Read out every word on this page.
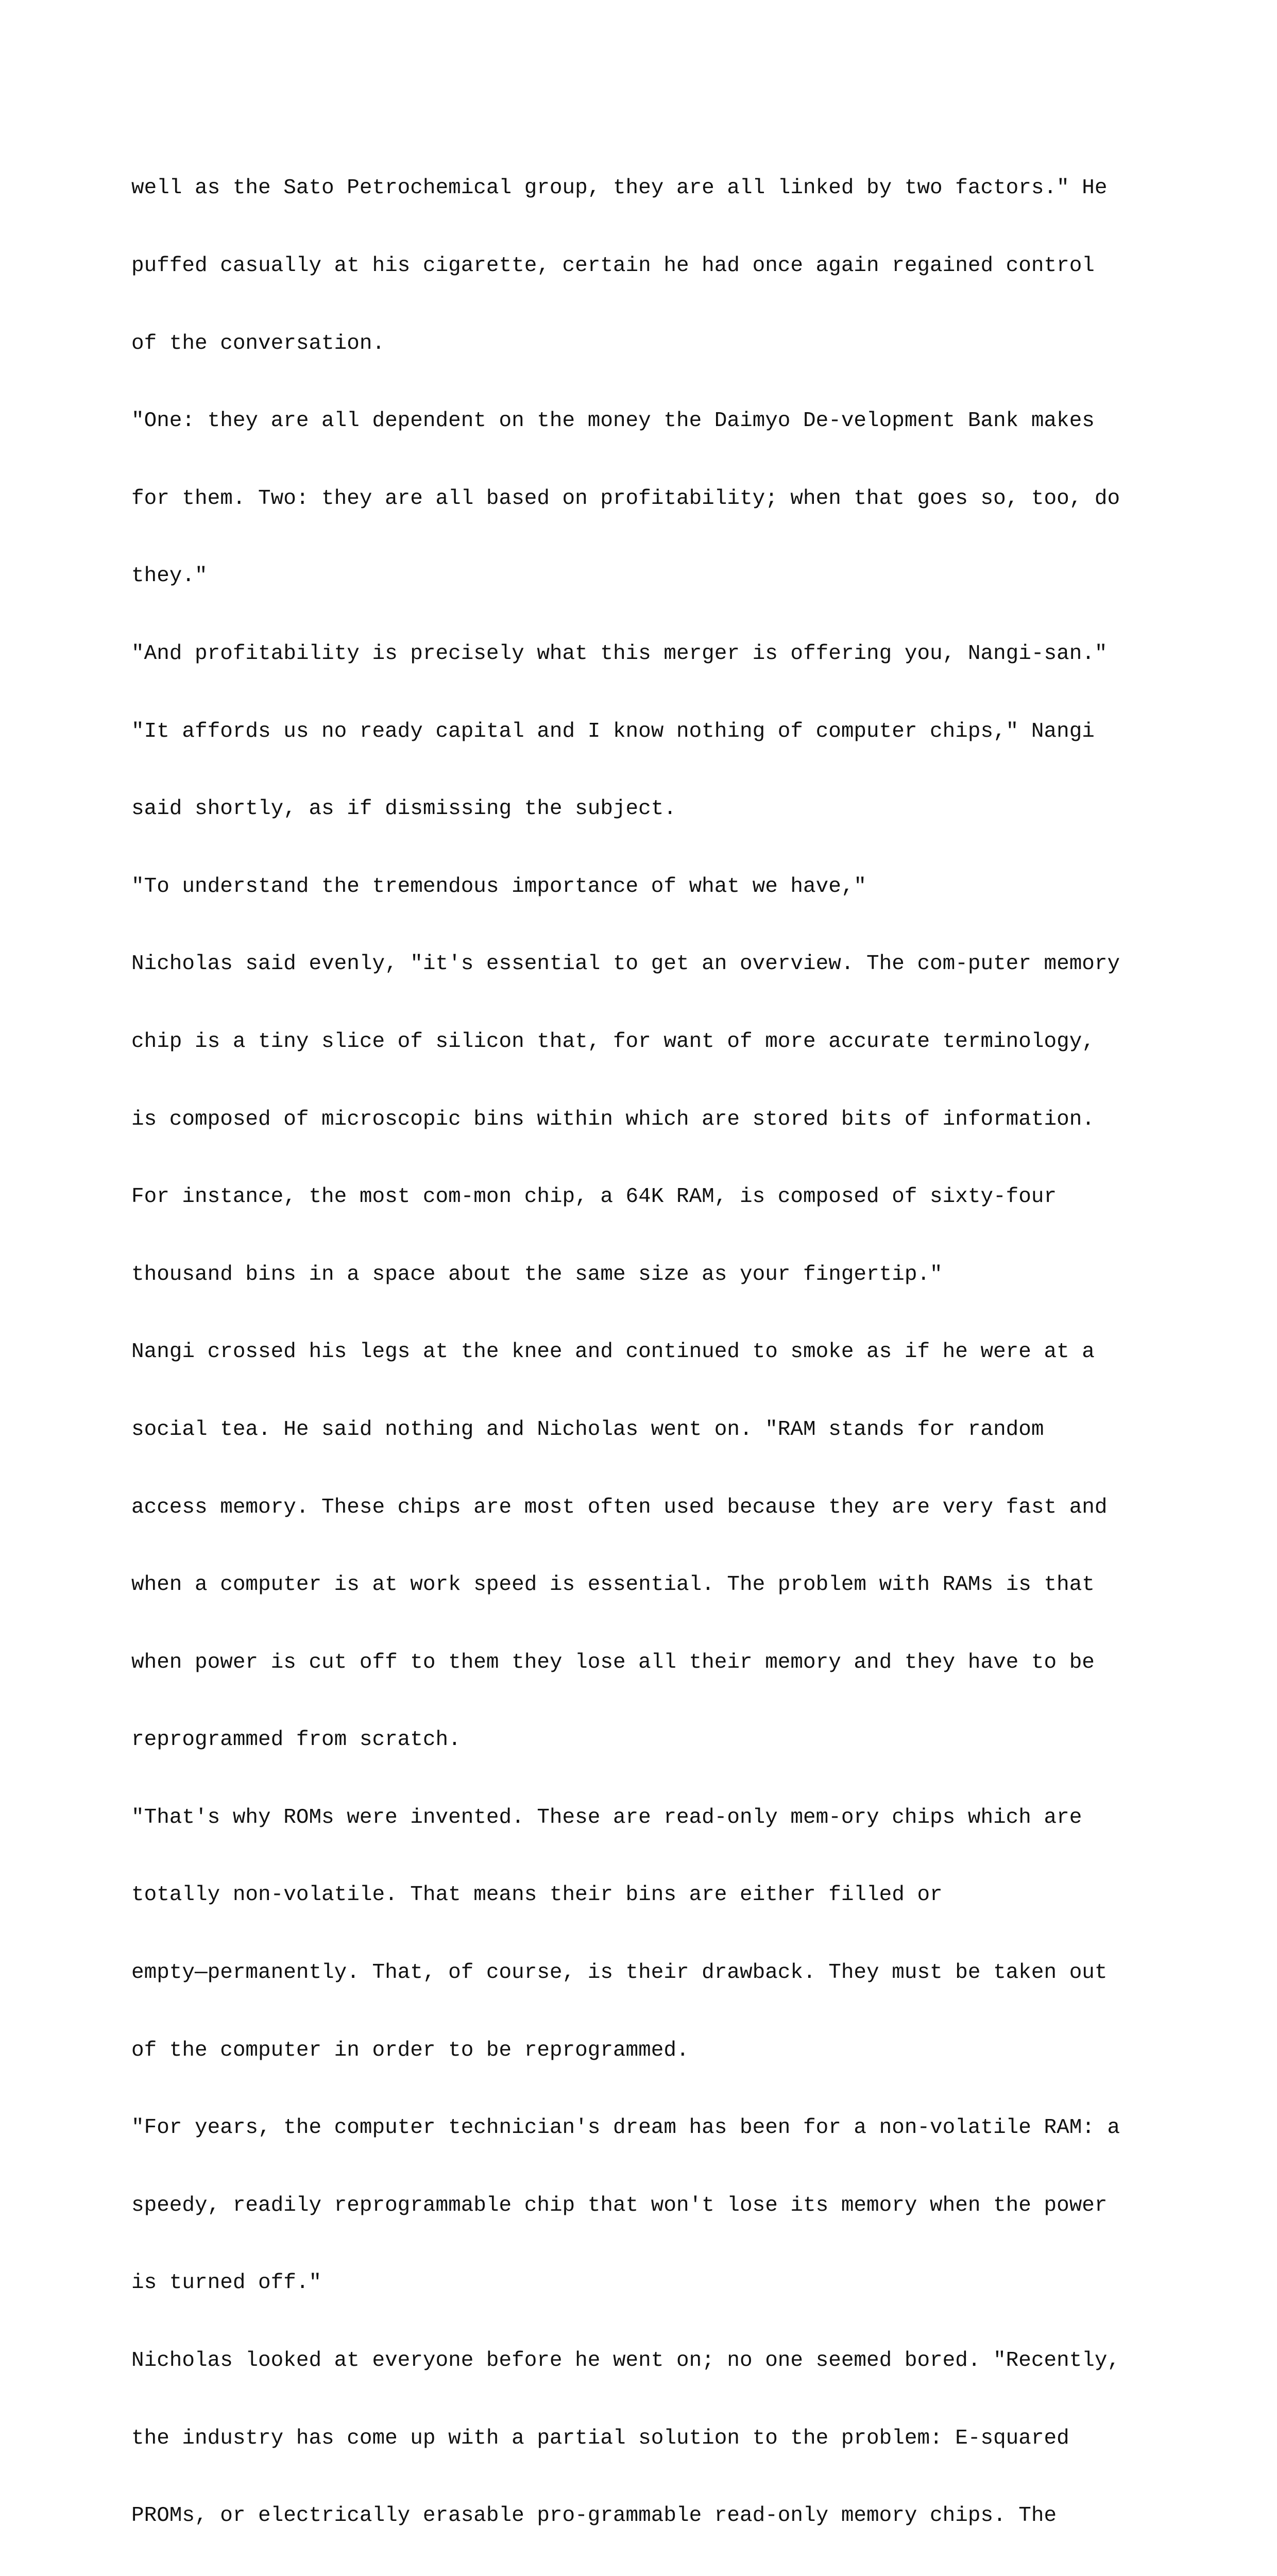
well as the Sato Petrochemical group, they are all linked by two factors." He

puffed casually at his cigarette, certain he had once again regained control

of the conversation.

"One: they are all dependent on the money the Daimyo De-velopment Bank makes

for them. Two: they are all based on profitability; when that goes so, too, do

they."

"And profitability is precisely what this merger is offering you, Nangi-san."

"It affords us no ready capital and I know nothing of computer chips," Nangi

said shortly, as if dismissing the subject.

"To understand the tremendous importance of what we have,"

Nicholas said evenly, "it's essential to get an overview. The com-puter memory

chip is a tiny slice of silicon that, for want of more accurate terminology,

is composed of microscopic bins within which are stored bits of information.

For instance, the most com-mon chip, a 64K RAM, is composed of sixty-four

thousand bins in a space about the same size as your fingertip."

Nangi crossed his legs at the knee and continued to smoke as if he were at a

social tea. He said nothing and Nicholas went on. "RAM stands for random

access memory. These chips are most often used because they are very fast and

when a computer is at work speed is essential. The problem with RAMs is that

when power is cut off to them they lose all their memory and they have to be

reprogrammed from scratch.

"That's why ROMs were invented. These are read-only mem-ory chips which are

totally non-volatile. That means their bins are either filled or

empty—permanently. That, of course, is their drawback. They must be taken out

of the computer in order to be reprogrammed.

"For years, the computer technician's dream has been for a non-volatile RAM: a

speedy, readily reprogrammable chip that won't lose its memory when the power

is turned off."

Nicholas looked at everyone before he went on; no one seemed bored. "Recently,

the industry has come up with a partial solution to the problem: E-squared

PROMs, or electrically erasable pro-grammable read-only memory chips. The
